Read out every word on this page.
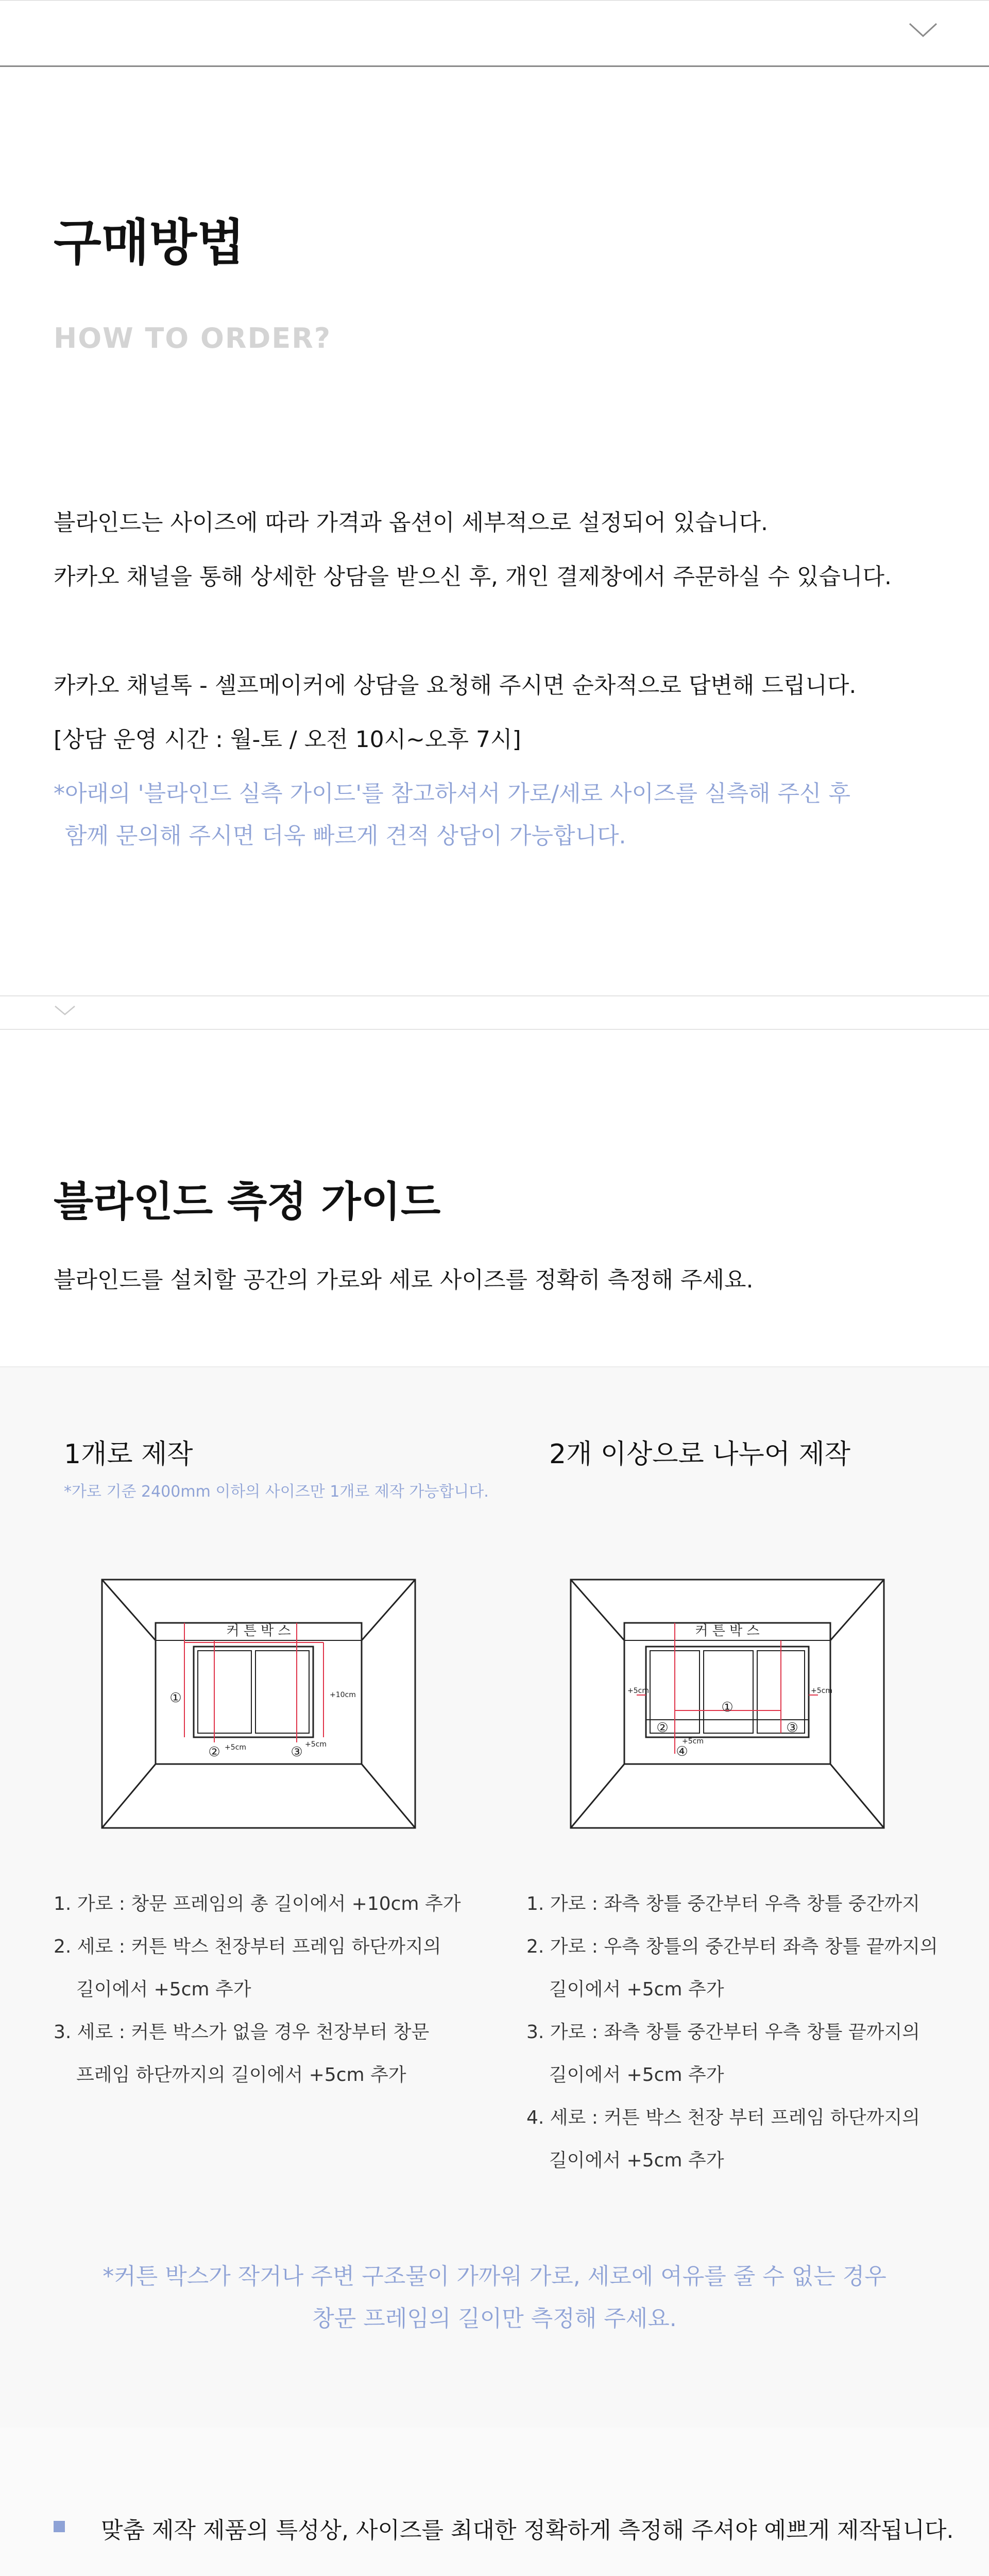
구매방법
HOW TO ORDER?
블라인드는 사이즈에 따라 가격과 옵션이 세부적으로 설정되어 있습니다.
카카오 채널을 통해 상세한 상담을 받으신 후, 개인 결제창에서 주문하실 수 있습니다.
카카오 채널톡 - 셀프메이커에 상담을 요청해 주시면 순차적으로 답변해 드립니다.
[상담 운영 시간 : 월-토 / 오전 10시~오후 7시]
*아래의 '블라인드 실측 가이드'를 참고하셔서 가로/세로 사이즈를 실측해 주신 후
함께 문의해 주시면 더욱 빠르게 견적 상담이 가능합니다.
블라인드 측정 가이드
블라인드를 설치할 공간의 가로와 세로 사이즈를 정확히 측정해 주세요.
1개로 제작
*가로 기준 2400mm 이하의 사이즈만 1개로 제작 가능합니다.
커 튼 박 스
①
②	③
+10cm
+5cm	+5cm
1. 가로 : 창문 프레임의 총 길이에서 +10cm 추가
2. 세로 : 커튼 박스 천장부터 프레임 하단까지의
길이에서 +5cm 추가
3. 세로 : 커튼 박스가 없을 경우 천장부터 창문
프레임 하단까지의 길이에서 +5cm 추가
2개 이상으로 나누어 제작
커 튼 박 스
①
②	③
④
+5cm	+5cm
+5cm
1. 가로 : 좌측 창틀 중간부터 우측 창틀 중간까지
2. 가로 : 우측 창틀의 중간부터 좌측 창틀 끝까지의
길이에서 +5cm 추가
3. 가로 : 좌측 창틀 중간부터 우측 창틀 끝까지의
길이에서 +5cm 추가
4. 세로 : 커튼 박스 천장 부터 프레임 하단까지의
길이에서 +5cm 추가
*커튼 박스가 작거나 주변 구조물이 가까워 가로, 세로에 여유를 줄 수 없는 경우
창문 프레임의 길이만 측정해 주세요.
맞춤 제작 제품의 특성상, 사이즈를 최대한 정확하게 측정해 주셔야 예쁘게 제작됩니다.
